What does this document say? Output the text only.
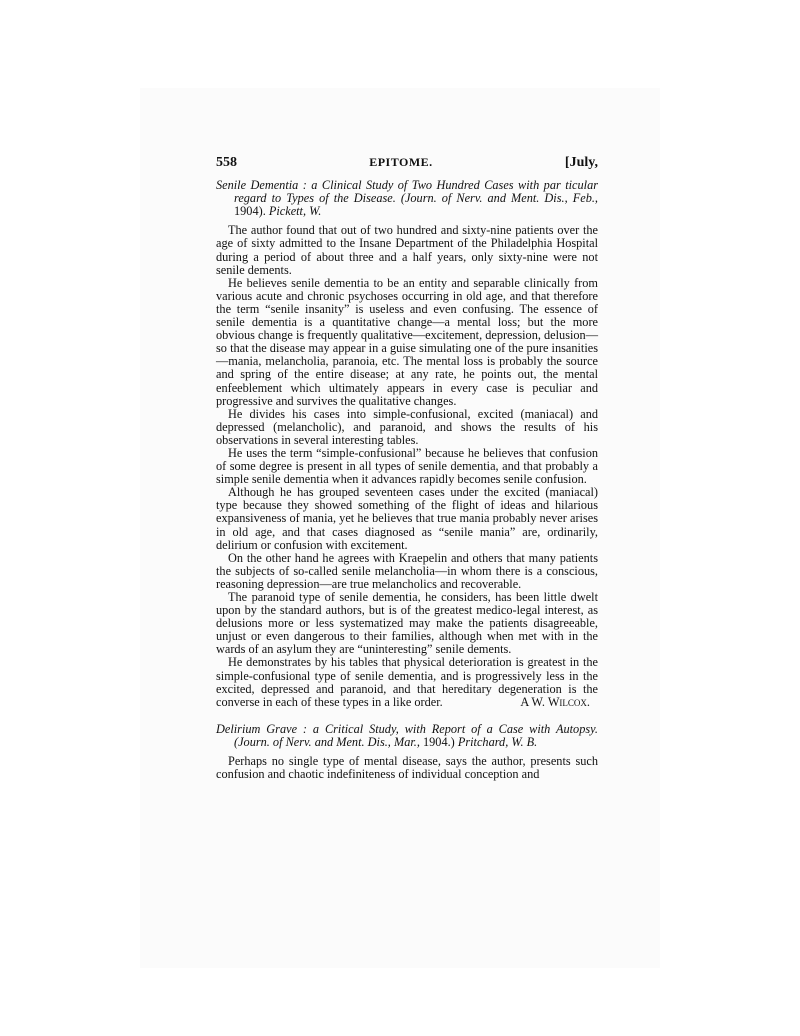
558	EPITOME.	[July,
Senile Dementia : a Clinical Study of Two Hundred Cases with par ticular regard to Types of the Disease. (Journ. of Nerv. and Ment. Dis., Feb., 1904). Pickett, W.

The author found that out of two hundred and sixty-nine patients over the age of sixty admitted to the Insane Department of the Philadelphia Hospital during a period of about three and a half years, only sixty-nine were not senile dements.

He believes senile dementia to be an entity and separable clinically from various acute and chronic psychoses occurring in old age, and that therefore the term “senile insanity” is useless and even confusing. The essence of senile dementia is a quantitative change—a mental loss; but the more obvious change is frequently qualitative—excitement, depression, delusion—so that the disease may appear in a guise simulating one of the pure insanities—mania, melancholia, paranoia, etc. The mental loss is probably the source and spring of the entire disease; at any rate, he points out, the mental enfeeblement which ultimately appears in every case is peculiar and progressive and survives the qualitative changes.

He divides his cases into simple-confusional, excited (maniacal) and depressed (melancholic), and paranoid, and shows the results of his observations in several interesting tables.

He uses the term “simple-confusional” because he believes that confusion of some degree is present in all types of senile dementia, and that probably a simple senile dementia when it advances rapidly becomes senile confusion.

Although he has grouped seventeen cases under the excited (maniacal) type because they showed something of the flight of ideas and hilarious expansiveness of mania, yet he believes that true mania probably never arises in old age, and that cases diagnosed as “senile mania” are, ordinarily, delirium or confusion with excitement.

On the other hand he agrees with Kraepelin and others that many patients the subjects of so-called senile melancholia—in whom there is a conscious, reasoning depression—are true melancholics and recoverable.

The paranoid type of senile dementia, he considers, has been little dwelt upon by the standard authors, but is of the greatest medico-legal interest, as delusions more or less systematized may make the patients disagreeable, unjust or even dangerous to their families, although when met with in the wards of an asylum they are “uninteresting” senile dements.

He demonstrates by his tables that physical deterioration is greatest in the simple-confusional type of senile dementia, and is progressively less in the excited, depressed and paranoid, and that hereditary degeneration is the converse in each of these types in a like order.	A W. Wilcox.
Delirium Grave : a Critical Study, with Report of a Case with Autopsy. (Journ. of Nerv. and Ment. Dis., Mar., 1904.) Pritchard, W. B.

Perhaps no single type of mental disease, says the author, presents such confusion and chaotic indefiniteness of individual conception and
